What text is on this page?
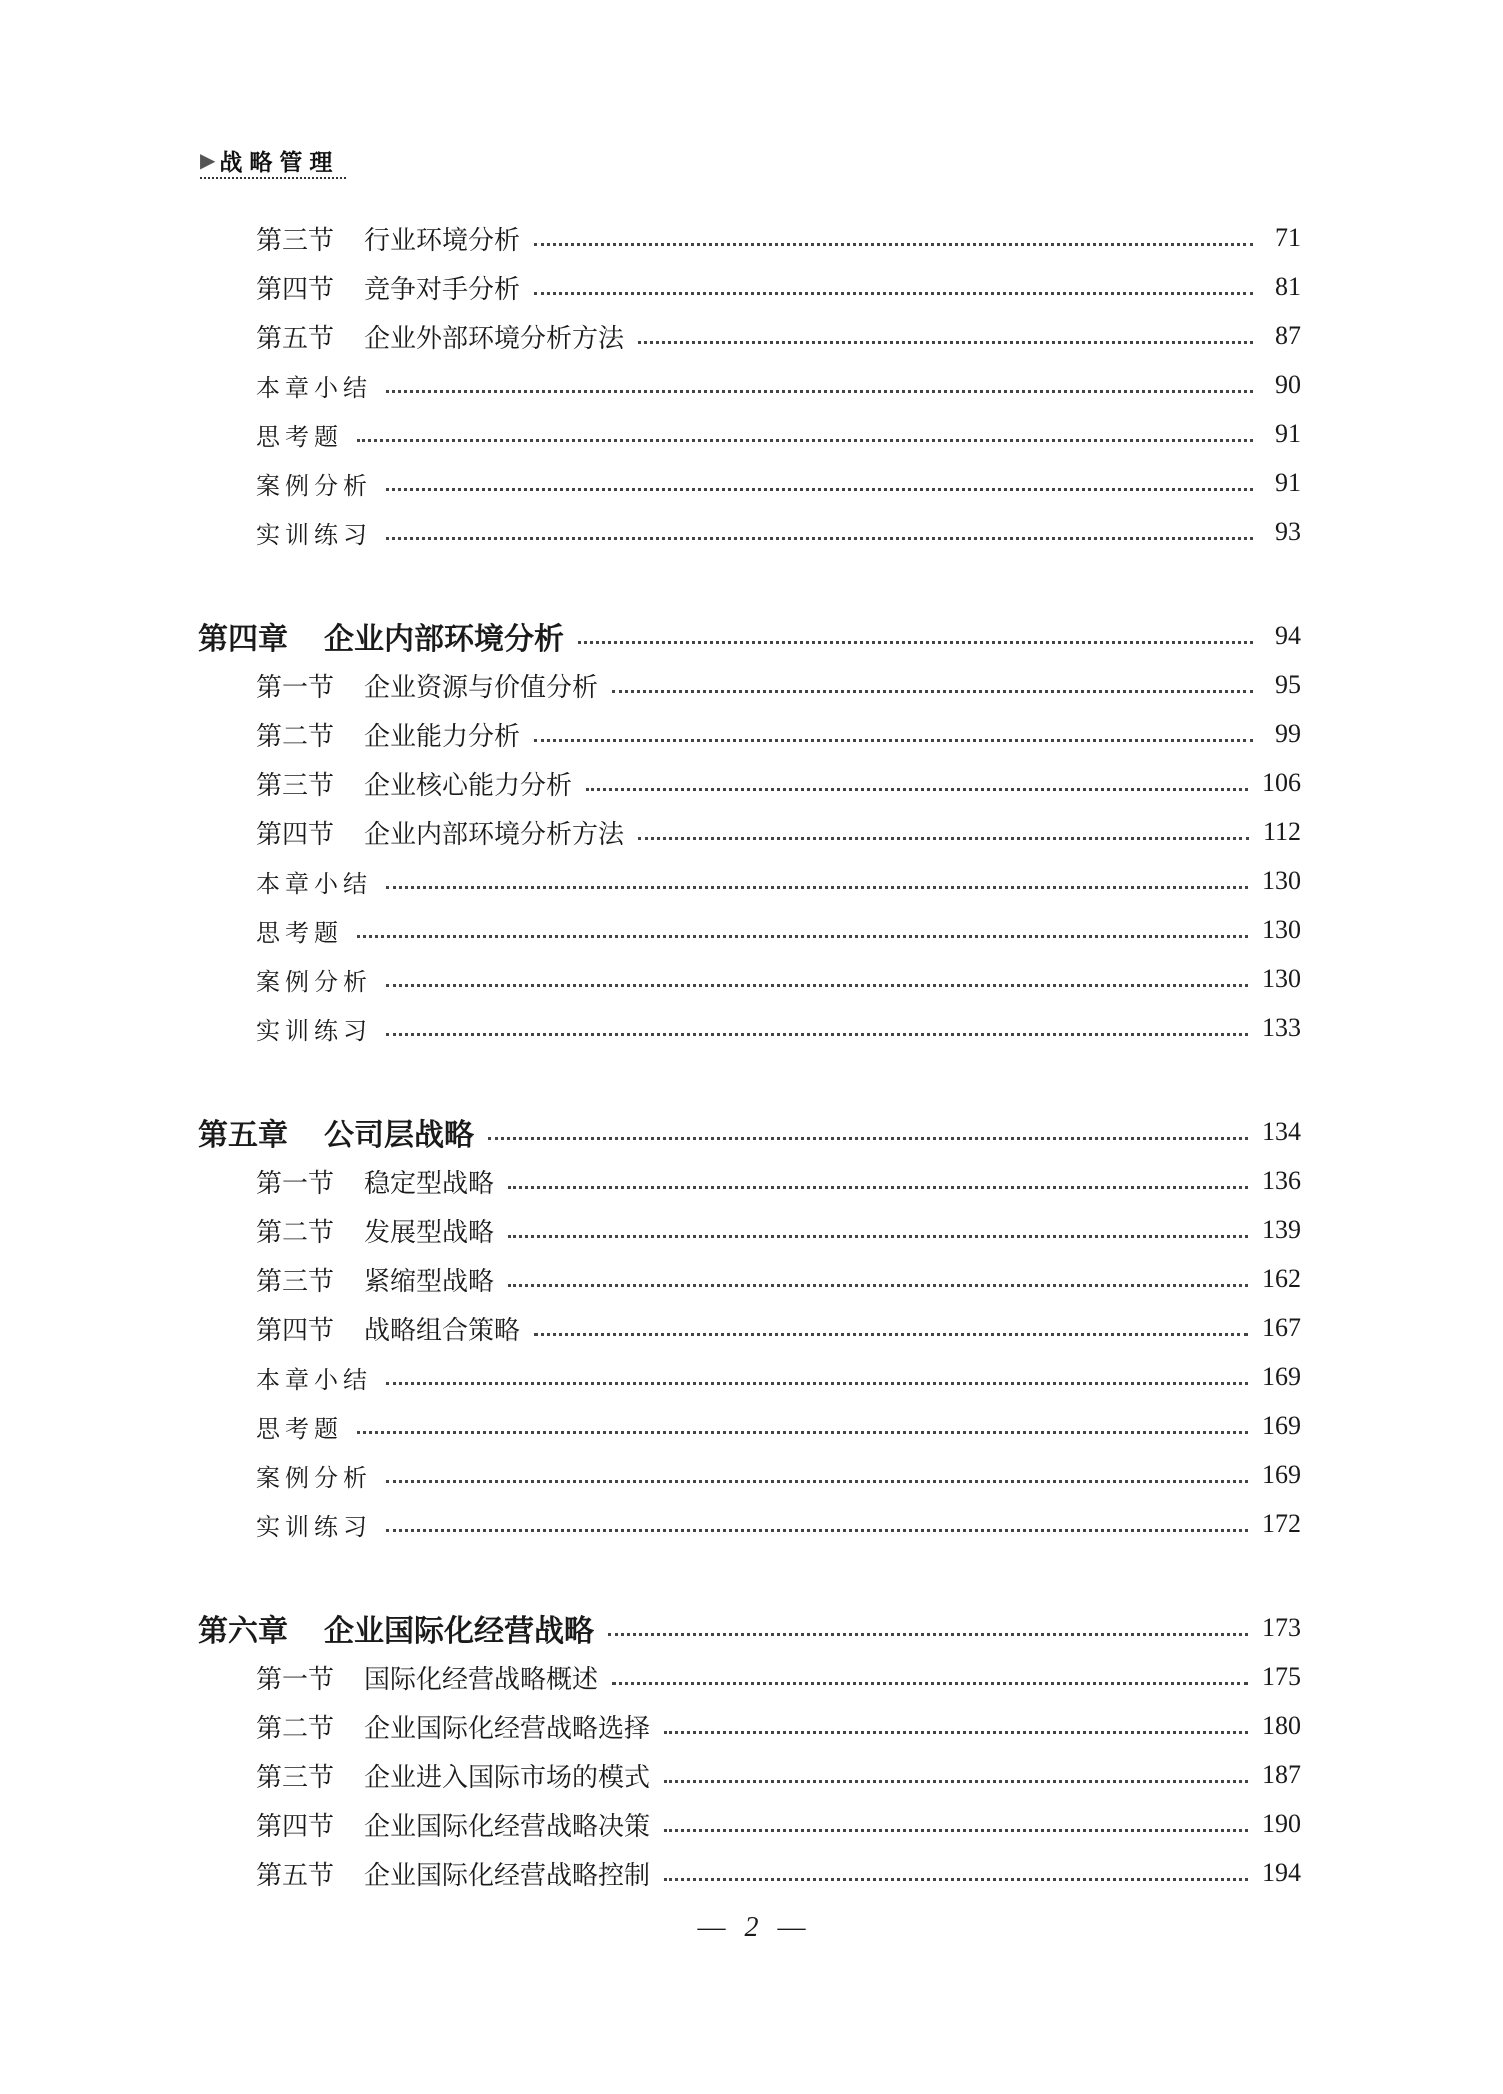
▶ 战略管理
第三节 行业环境分析	71
第四节 竞争对手分析	81
第五节 企业外部环境分析方法	87
本章小结	90
思考题	91
案例分析	91
实训练习	93
第四章 企业内部环境分析	94
第一节 企业资源与价值分析	95
第二节 企业能力分析	99
第三节 企业核心能力分析	106
第四节 企业内部环境分析方法	112
本章小结	130
思考题	130
案例分析	130
实训练习	133
第五章 公司层战略	134
第一节 稳定型战略	136
第二节 发展型战略	139
第三节 紧缩型战略	162
第四节 战略组合策略	167
本章小结	169
思考题	169
案例分析	169
实训练习	172
第六章 企业国际化经营战略	173
第一节 国际化经营战略概述	175
第二节 企业国际化经营战略选择	180
第三节 企业进入国际市场的模式	187
第四节 企业国际化经营战略决策	190
第五节 企业国际化经营战略控制	194
— 2 —
